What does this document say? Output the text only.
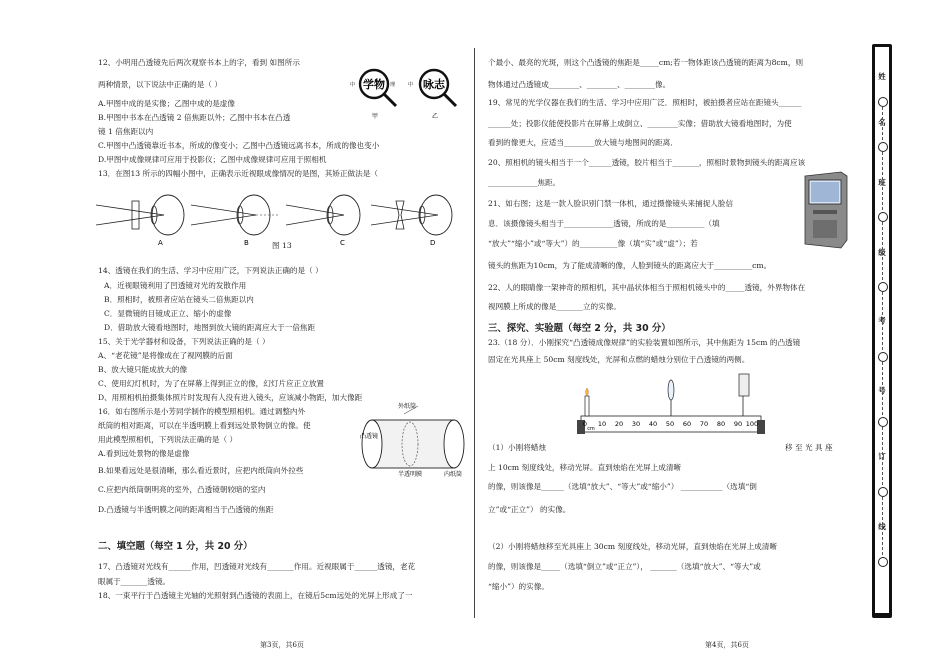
12、小明用凸透镜先后两次观察书本上的字，看到 如图所示
两种情景，以下说法中正确的是（ ）
A.甲图中成的是实像；乙图中成的是虚像
B.甲图中书本在凸透镜 2 倍焦距以外；乙图中书本在凸透
镜 1 倍焦距以内
C.甲图中凸透镜靠近书本，所成的像变小；乙图中凸透镜远离书本，所成的像也变小
D.甲图中成像规律可应用于投影仪；乙图中成像规律可应用于照相机
中 学物 理
甲
中 咏志
乙
13．在图13 所示的四幅小图中，正确表示近视眼成像情况的是图，其矫正做法是（
A	B	C	D
图 13
14、透镜在我们的生活、学习中应用广泛，下列说法正确的是（ ）
A．近视眼镜利用了凹透镜对光的发散作用
B．照相时，被照者应站在镜头二倍焦距以内
C．显微镜的目镜成正立、缩小的虚像
D．借助放大镜看地图时，地图到放大镜的距离应大于一倍焦距
15、关于光学器材和设备，下列说法正确的是（ ）
A、“老花镜”是将像成在了视网膜的后面
B、放大镜只能成放大的像
C、使用幻灯机时，为了在屏幕上得到正立的像，幻灯片应正立放置
D、用照相机拍摄集体照片时发现有人没有进入镜头，应该减小物距，加大像距
16．如右图所示是小芳同学制作的模型照相机。通过调整内外
纸筒的相对距离，可以在半透明膜上看到远处景物倒立的像。使
用此模型照相机，下列说法正确的是（ ）
A.看到远处景物的像是虚像
B.如果看远处是很清晰，那么看近景时，应把内纸筒向外拉些
C.应把内纸筒朝明亮的室外，凸透镜朝较暗的室内
D.凸透镜与半透明膜之间的距离相当于凸透镜的焦距
外纸筒
凸透镜
半透明膜	内纸筒
二、填空题（每空 1 分，共 20 分）
17、凸透镜对光线有______作用，凹透镜对光线有_______作用。近视眼属于______透镜，老花
眼属于_______透镜。
18、一束平行于凸透镜主光轴的光照射到凸透镜的表面上，在镜后5cm远处的光屏上形成了一
第3页，共6页
个最小、最亮的光斑，则这个凸透镜的焦距是_____cm;若一物体距该凸透镜的距离为8cm，则
物体通过凸透镜成________、________、________像。
19、常见的光学仪器在我们的生活、学习中应用广泛．照相时，被拍摄者应站在距镜头______
______处；投影仪能使投影片在屏幕上成倒立、________实像；借助放大镜看地图时，为使
看到的像更大，应适当________放大镜与地图间的距离．
20、照相机的镜头相当于一个______透镜，胶片相当于_______，照相时景物到镜头的距离应该
_____________焦距。
21、如右图；这是一款人脸识别门禁一体机，通过摄像镜头来捕捉人脸信
息．该摄像镜头相当于_____________透镜，所成的是__________（填
“放大”“缩小”或“等大”）的__________像（填“实”或“虚”）；若
镜头的焦距为10cm，为了能成清晰的像，人脸到镜头的距离应大于__________cm。
22、人的眼睛像一架神奇的照相机，其中晶状体相当于照相机镜头中的_____透镜，外界物体在
视网膜上所成的像是_______立的实像。
三、探究、实验题（每空 2 分，共 30 分）
23.（18 分）．小刚探究“凸透镜成像规律”的实验装置如图所示，其中焦距为 15cm 的凸透镜
固定在光具座上 50cm 刻度线处，光屏和点燃的蜡烛分别位于凸透镜的两侧。
0
cm
10 20 30 40 50 60 70 80 90 100
（1）小刚将蜡烛	移 至 光 具 座
上 10cm 刻度线处，移动光屏。直到烛焰在光屏上成清晰
的像，则该像是______（选填“放大”、“等大”或“缩小”） ___________（选填“倒
立”或“正立”） 的实像。
（2）小刚将蜡烛移至光具座上 30cm 刻度线处，移动光屏，直到烛焰在光屏上成清晰
的像，则该像是_____（选填“倒立”或“正立”）， _______（选填“放大”、“等大”或
“缩小”）的实像。
第4页，共6页
姓
名
班
级
考
号
订
线
